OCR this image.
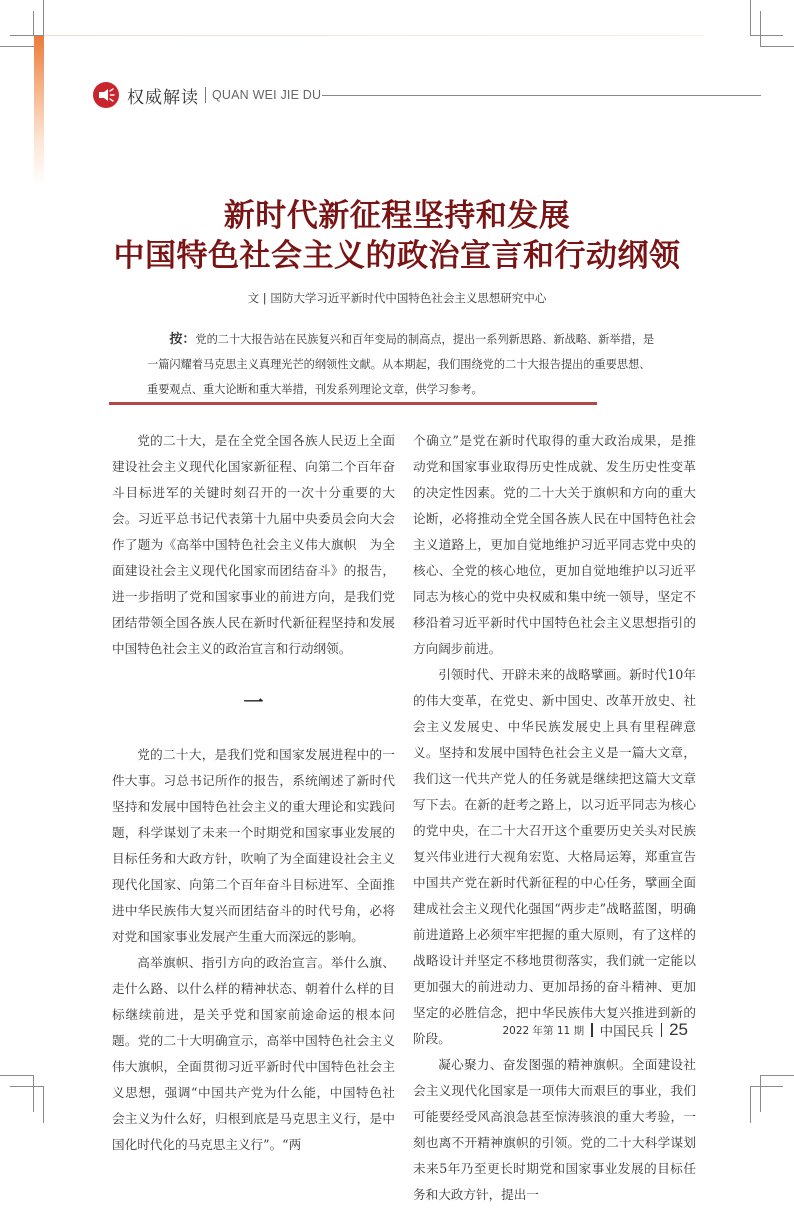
权威解读 QUAN WEI JIE DU
新时代新征程坚持和发展
中国特色社会主义的政治宣言和行动纲领
文 | 国防大学习近平新时代中国特色社会主义思想研究中心
按：党的二十大报告站在民族复兴和百年变局的制高点，提出一系列新思路、新战略、新举措，是一篇闪耀着马克思主义真理光芒的纲领性文献。从本期起，我们围绕党的二十大报告提出的重要思想、重要观点、重大论断和重大举措，刊发系列理论文章，供学习参考。

党的二十大，是在全党全国各族人民迈上全面建设社会主义现代化国家新征程、向第二个百年奋斗目标进军的关键时刻召开的一次十分重要的大会。习近平总书记代表第十九届中央委员会向大会作了题为《高举中国特色社会主义伟大旗帜　为全面建设社会主义现代化国家而团结奋斗》的报告，进一步指明了党和国家事业的前进方向，是我们党团结带领全国各族人民在新时代新征程坚持和发展中国特色社会主义的政治宣言和行动纲领。

一

党的二十大，是我们党和国家发展进程中的一件大事。习总书记所作的报告，系统阐述了新时代坚持和发展中国特色社会主义的重大理论和实践问题，科学谋划了未来一个时期党和国家事业发展的目标任务和大政方针，吹响了为全面建设社会主义现代化国家、向第二个百年奋斗目标进军、全面推进中华民族伟大复兴而团结奋斗的时代号角，必将对党和国家事业发展产生重大而深远的影响。

高举旗帜、指引方向的政治宣言。举什么旗、走什么路、以什么样的精神状态、朝着什么样的目标继续前进，是关乎党和国家前途命运的根本问题。党的二十大明确宣示，高举中国特色社会主义伟大旗帜，全面贯彻习近平新时代中国特色社会主义思想，强调“中国共产党为什么能，中国特色社会主义为什么好，归根到底是马克思主义行，是中国化时代化的马克思主义行”。“两

个确立”是党在新时代取得的重大政治成果，是推动党和国家事业取得历史性成就、发生历史性变革的决定性因素。党的二十大关于旗帜和方向的重大论断，必将推动全党全国各族人民在中国特色社会主义道路上，更加自觉地维护习近平同志党中央的核心、全党的核心地位，更加自觉地维护以习近平同志为核心的党中央权威和集中统一领导，坚定不移沿着习近平新时代中国特色社会主义思想指引的方向阔步前进。

引领时代、开辟未来的战略擘画。新时代10年的伟大变革，在党史、新中国史、改革开放史、社会主义发展史、中华民族发展史上具有里程碑意义。坚持和发展中国特色社会主义是一篇大文章，我们这一代共产党人的任务就是继续把这篇大文章写下去。在新的赶考之路上，以习近平同志为核心的党中央，在二十大召开这个重要历史关头对民族复兴伟业进行大视角宏览、大格局运筹，郑重宣告中国共产党在新时代新征程的中心任务，擘画全面建成社会主义现代化强国“两步走”战略蓝图，明确前进道路上必须牢牢把握的重大原则，有了这样的战略设计并坚定不移地贯彻落实，我们就一定能以更加强大的前进动力、更加昂扬的奋斗精神、更加坚定的必胜信念，把中华民族伟大复兴推进到新的阶段。

凝心聚力、奋发图强的精神旗帜。全面建设社会主义现代化国家是一项伟大而艰巨的事业，我们可能要经受风高浪急甚至惊涛骇浪的重大考验，一刻也离不开精神旗帜的引领。党的二十大科学谋划未来5年乃至更长时期党和国家事业发展的目标任务和大政方针，提出一

2022 年第 11 期 中国民兵 25
